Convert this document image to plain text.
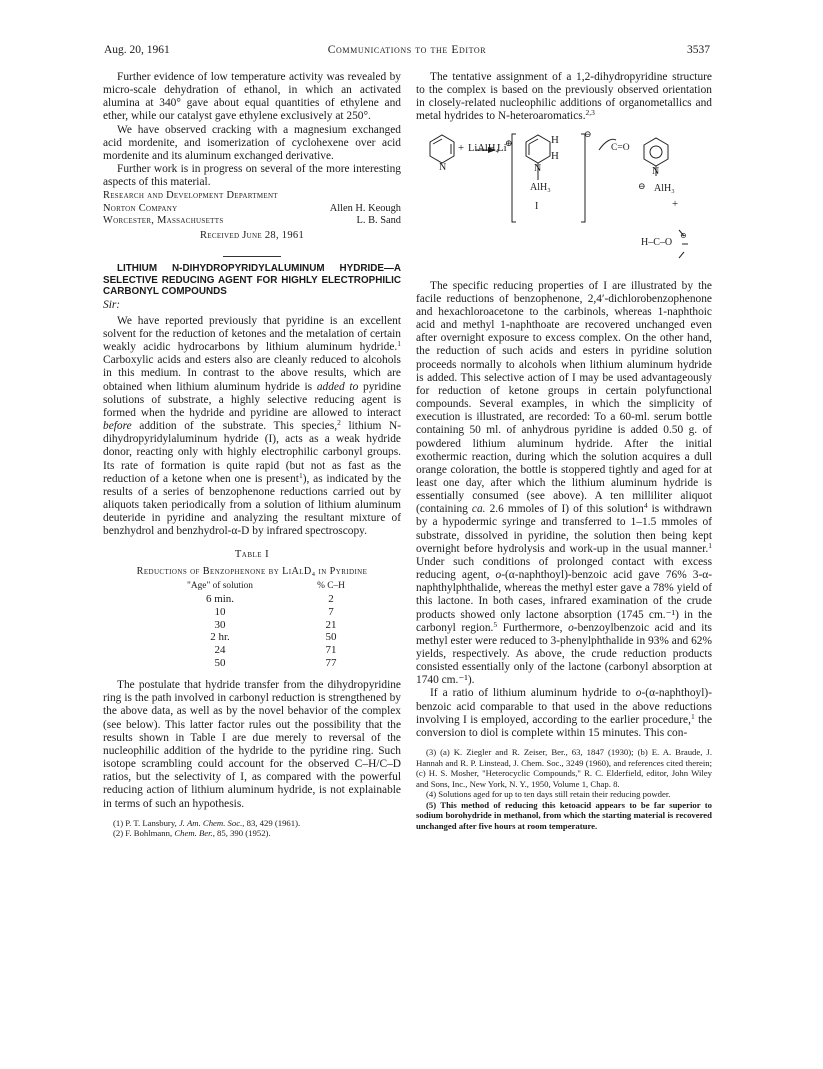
Aug. 20, 1961	Communications to the Editor	3537

Further evidence of low temperature activity was revealed by micro-scale dehydration of ethanol, in which an activated alumina at 340° gave about equal quantities of ethylene and ether, while our catalyst gave ethylene exclusively at 250°.

We have observed cracking with a magnesium exchanged acid mordenite, and isomerization of cyclohexene over acid mordenite and its aluminum exchanged derivative.

Further work is in progress on several of the more interesting aspects of this material.

Research and Development Department
Norton Company	Allen H. Keough
Worcester, Massachusetts	L. B. Sand
Received June 28, 1961
LITHIUM N-DIHYDROPYRIDYLALUMINUM HYDRIDE—A SELECTIVE REDUCING AGENT FOR HIGHLY ELECTROPHILIC CARBONYL COMPOUNDS
Sir:

We have reported previously that pyridine is an excellent solvent for the reduction of ketones and the metalation of certain weakly acidic hydrocarbons by lithium aluminum hydride.$^1$ Carboxylic acids and esters also are cleanly reduced to alcohols in this medium. In contrast to the above results, which are obtained when lithium aluminum hydride is added to pyridine solutions of substrate, a highly selective reducing agent is formed when the hydride and pyridine are allowed to interact before addition of the substrate. This species,$^2$ lithium N-dihydropyridylaluminum hydride (I), acts as a weak hydride donor, reacting only with highly electrophilic carbonyl groups. Its rate of formation is quite rapid (but not as fast as the reduction of a ketone when one is present$^1$), as indicated by the results of a series of benzophenone reductions carried out by aliquots taken periodically from a solution of lithium aluminum deuteride in pyridine and analyzing the resultant mixture of benzhydrol and benzhydrol-α-D by infrared spectroscopy.

Table I
Reductions of Benzophenone by LiAlD₄ in Pyridine
"Age" of solution	% C–H
6 min.	2
10	7
30	21
2 hr.	50
24	71
50	77

The postulate that hydride transfer from the dihydropyridine ring is the path involved in carbonyl reduction is strengthened by the above data, as well as by the novel behavior of the complex (see below). This latter factor rules out the possibility that the results shown in Table I are due merely to reversal of the nucleophilic addition of the hydride to the pyridine ring. Such isotope scrambling could account for the observed C–H/C–D ratios, but the selectivity of I, as compared with the powerful reducing action of lithium aluminum hydride, is not explainable in terms of such an hypothesis.

(1) P. T. Lansbury, J. Am. Chem. Soc., 83, 429 (1961).
(2) F. Bohlmann, Chem. Ber., 85, 390 (1952).

The tentative assignment of a 1,2-dihydropyridine structure to the complex is based on the previously observed orientation in closely-related nucleophilic additions of organometallics and metal hydrides to N-heteroaromatics.$^{2,3}$

N
+ LiAlH₄
Li
⊕	H
H
N
AlH₃
I
⊖
C=O
N
⊖ AlH₃
+
H–C–O
⊖

The specific reducing properties of I are illustrated by the facile reductions of benzophenone, 2,4′-dichlorobenzophenone and hexachloroacetone to the carbinols, whereas 1-naphthoic acid and methyl 1-naphthoate are recovered unchanged even after overnight exposure to excess complex. On the other hand, the reduction of such acids and esters in pyridine solution proceeds normally to alcohols when lithium aluminum hydride is added. This selective action of I may be used advantageously for reduction of ketone groups in certain polyfunctional compounds. Several examples, in which the simplicity of execution is illustrated, are recorded: To a 60-ml. serum bottle containing 50 ml. of anhydrous pyridine is added 0.50 g. of powdered lithium aluminum hydride. After the initial exothermic reaction, during which the solution acquires a dull orange coloration, the bottle is stoppered tightly and aged for at least one day, after which the lithium aluminum hydride is essentially consumed (see above). A ten milliliter aliquot (containing ca. 2.6 mmoles of I) of this solution$^4$ is withdrawn by a hypodermic syringe and transferred to 1–1.5 mmoles of substrate, dissolved in pyridine, the solution then being kept overnight before hydrolysis and work-up in the usual manner.$^1$ Under such conditions of prolonged contact with excess reducing agent, o-(α-naphthoyl)-benzoic acid gave 76% 3-α-naphthylphthalide, whereas the methyl ester gave a 78% yield of this lactone. In both cases, infrared examination of the crude products showed only lactone absorption (1745 cm.⁻¹) in the carbonyl region.$^5$ Furthermore, o-benzoylbenzoic acid and its methyl ester were reduced to 3-phenylphthalide in 93% and 62% yields, respectively. As above, the crude reduction products consisted essentially only of the lactone (carbonyl absorption at 1740 cm.⁻¹).

If a ratio of lithium aluminum hydride to o-(α-naphthoyl)-benzoic acid comparable to that used in the above reductions involving I is employed, according to the earlier procedure,$^1$ the conversion to diol is complete within 15 minutes. This con-

(3) (a) K. Ziegler and R. Zeiser, Ber., 63, 1847 (1930); (b) E. A. Braude, J. Hannah and R. P. Linstead, J. Chem. Soc., 3249 (1960), and references cited therein; (c) H. S. Mosher, "Heterocyclic Compounds," R. C. Elderfield, editor, John Wiley and Sons, Inc., New York, N. Y., 1950, Volume 1, Chap. 8.
(4) Solutions aged for up to ten days still retain their reducing powder.
(5) This method of reducing this ketoacid appears to be far superior to sodium borohydride in methanol, from which the starting material is recovered unchanged after five hours at room temperature.
